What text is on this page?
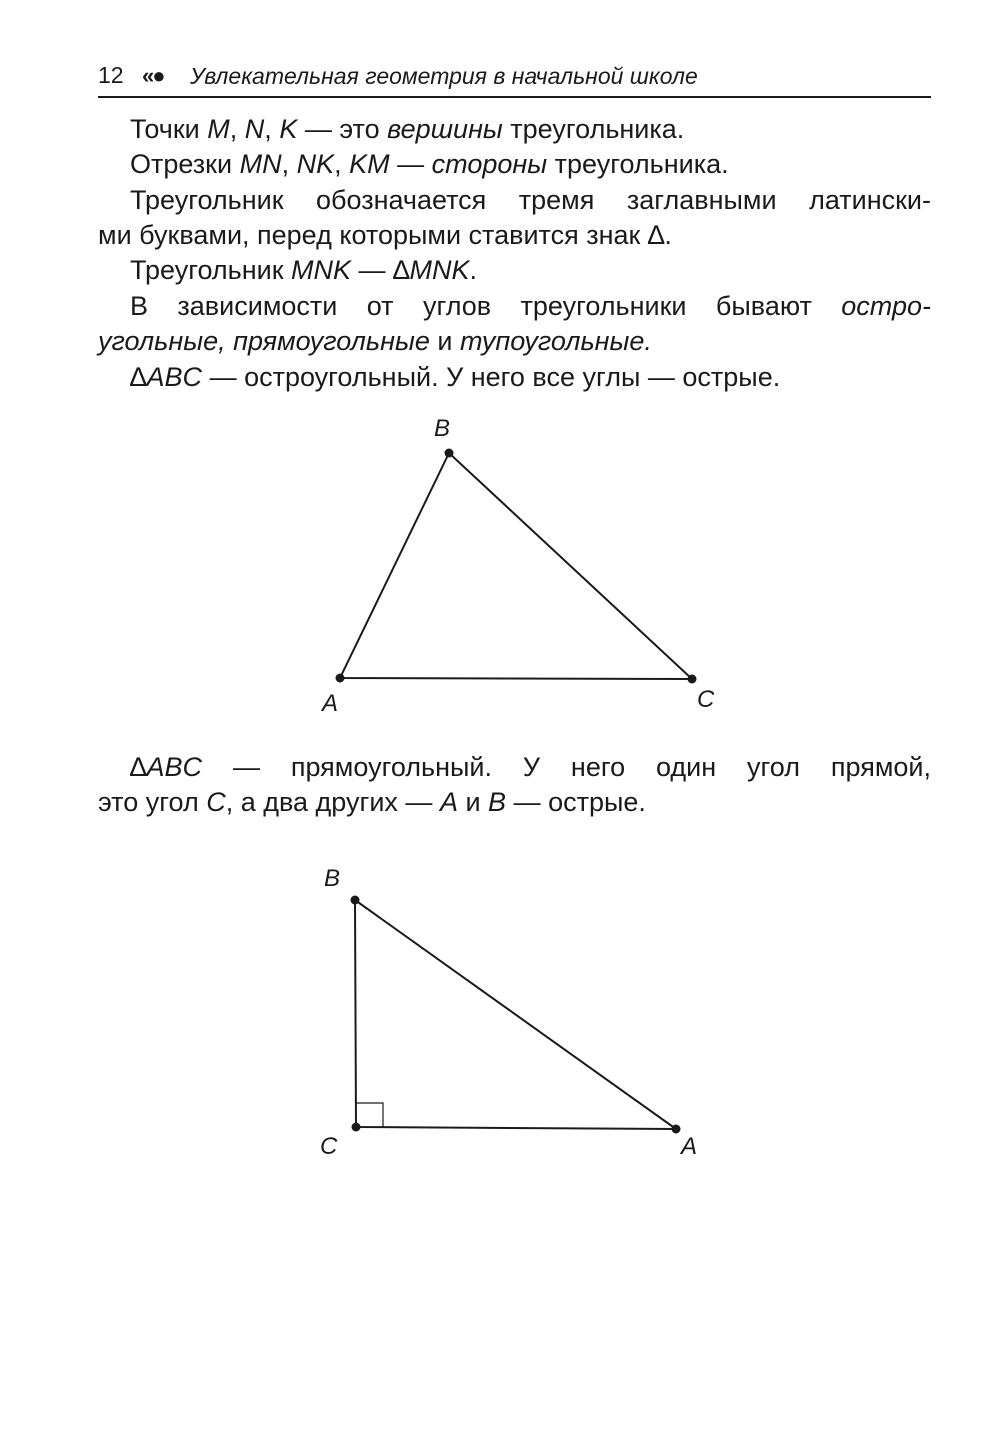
12 «● Увлекательная геометрия в начальной школе
Точки M, N, K — это вершины треугольника.
Отрезки MN, NK, KM — стороны треугольника.
Треугольник обозначается тремя заглавными латински-
ми буквами, перед которыми ставится знак ∆.
Треугольник MNK — ∆MNK.
В зависимости от углов треугольники бывают остро-
угольные, прямоугольные и тупоугольные.
∆ABC — остроугольный. У него все углы — острые.
∆ABC — прямоугольный. У него один угол прямой,
это угол C, а два других — A и B — острые.
B
A	C
B
C	A
